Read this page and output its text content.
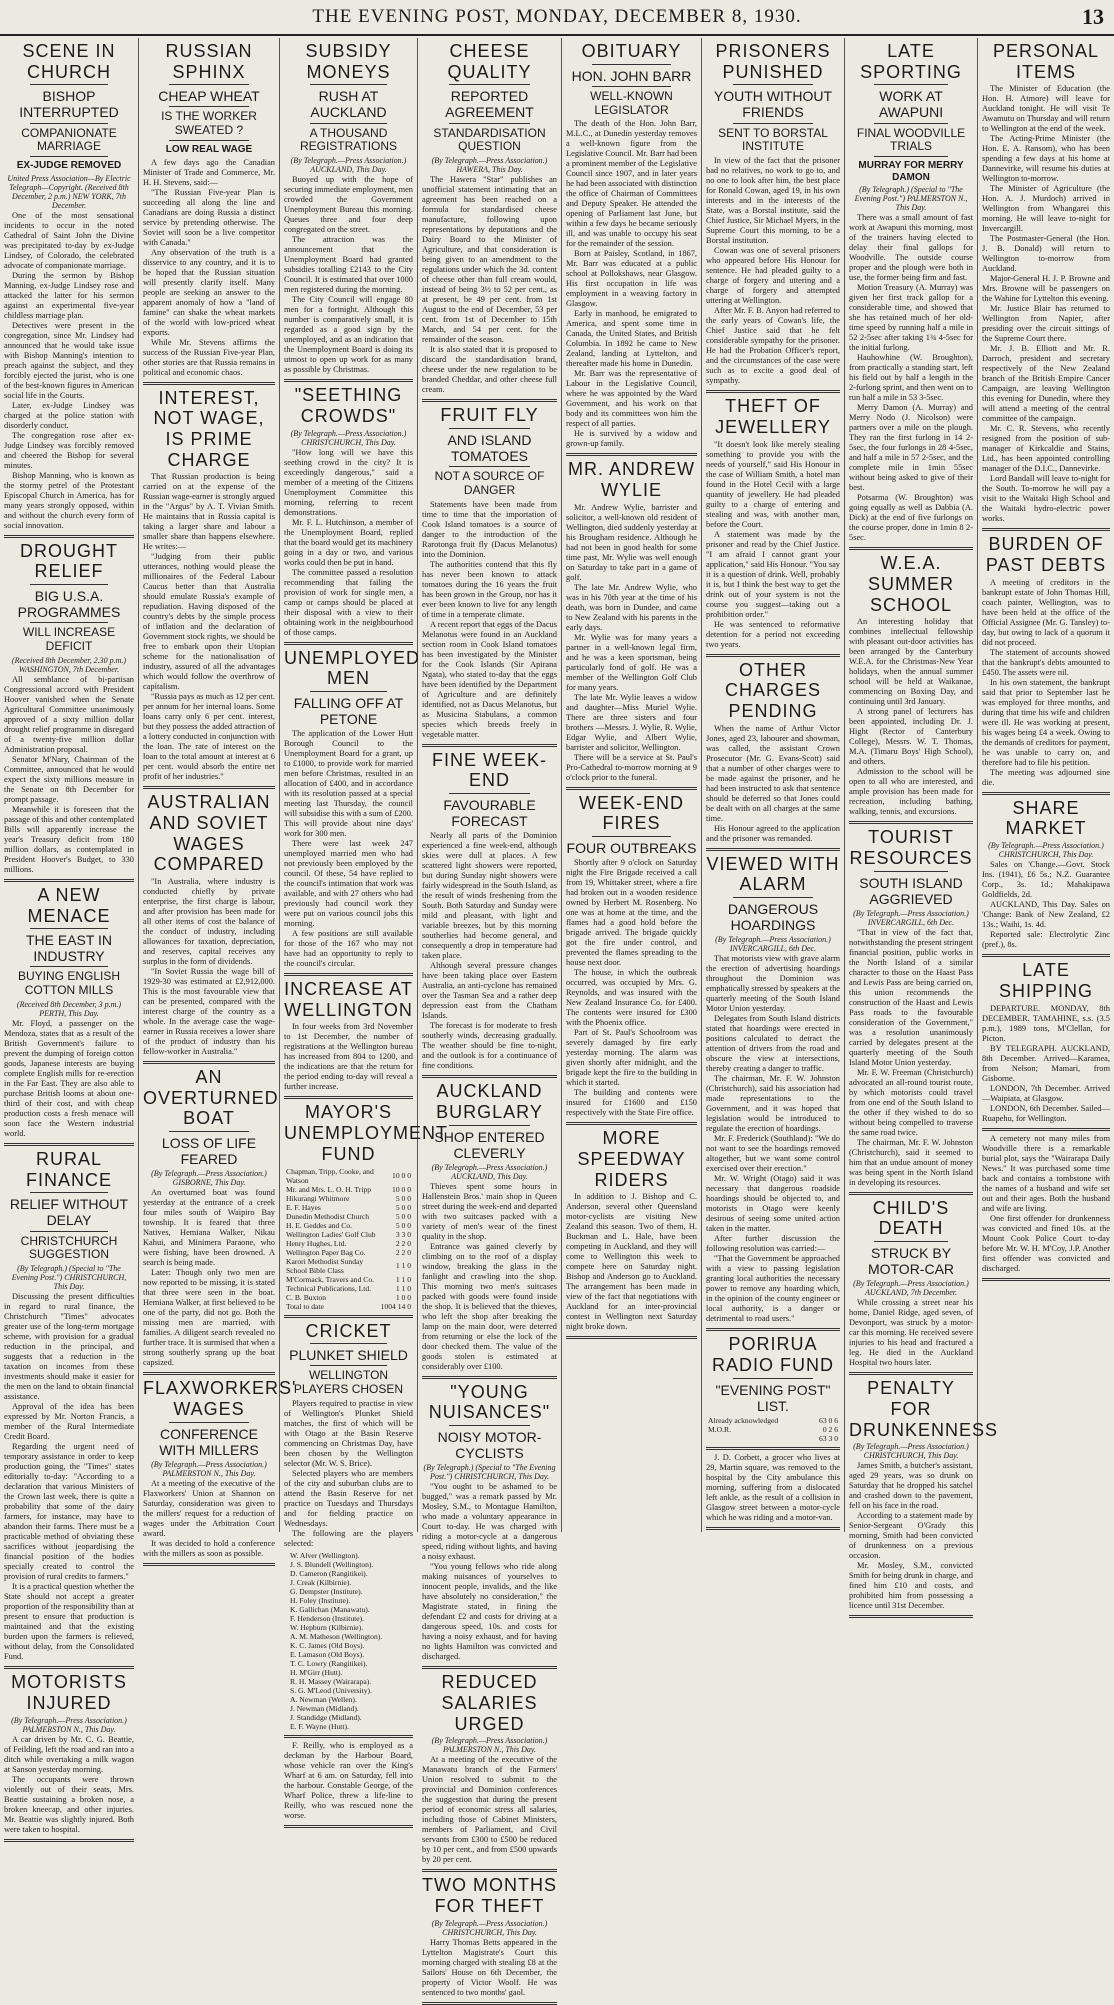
THE EVENING POST, MONDAY, DECEMBER 8, 1930.	13
SCENE IN CHURCH
BISHOP INTERRUPTED
COMPANIONATE MARRIAGE
EX-JUDGE REMOVED
United Press Association—By Electric Telegraph—Copyright. (Received 8th December, 2 p.m.) NEW YORK, 7th December.

One of the most sensational incidents to occur in the noted Cathedral of Saint John the Divine was precipitated to-day by ex-Judge Lindsey, of Colorado, the celebrated advocate of companionate marriage.

During the sermon by Bishop Manning, ex-Judge Lindsey rose and attacked the latter for his sermon against an experimental five-year childless marriage plan.

Detectives were present in the congregation, since Mr. Lindsey had announced that he would take issue with Bishop Manning's intention to preach against the subject, and they forcibly ejected the jurist, who is one of the best-known figures in American social life in the Courts.

Later, ex-Judge Lindsey was charged at the police station with disorderly conduct.

The congregation rose after ex-Judge Lindsey was forcibly removed and cheered the Bishop for several minutes.

Bishop Manning, who is known as the stormy petrel of the Protestant Episcopal Church in America, has for many years strongly opposed, within and without the church every form of social innovation.

DROUGHT RELIEF
BIG U.S.A. PROGRAMMES
WILL INCREASE DEFICIT
(Received 8th December, 2.30 p.m.) WASHINGTON, 7th December.

All semblance of bi-partisan Congressional accord with President Hoover vanished when the Senate Agricultural Committee unanimously approved of a sixty million dollar drought relief programme in disregard of a twenty-five million dollar Administration proposal.

Senator M'Nary, Chairman of the Committee, announced that he would expect the sixty millions measure in the Senate on 8th December for prompt passage.

Meanwhile it is foreseen that the passage of this and other contemplated Bills will apparently increase the year's Treasury deficit from 180 million dollars, as contemplated in President Hoover's Budget, to 330 millions.

A NEW MENACE
THE EAST IN INDUSTRY
BUYING ENGLISH COTTON MILLS
(Received 8th December, 3 p.m.) PERTH, This Day.

Mr. Floyd, a passenger on the Mendoza, states that as a result of the British Government's failure to prevent the dumping of foreign cotton goods, Japanese interests are buying complete English mills for re-erection in the Far East. They are also able to purchase British looms at about one-third of their cost, and with cheap production costs a fresh menace will soon face the Western industrial world.

RURAL FINANCE
RELIEF WITHOUT DELAY
CHRISTCHURCH SUGGESTION
(By Telegraph.) (Special to "The Evening Post.") CHRISTCHURCH, This Day.

Discussing the present difficulties in regard to rural finance, the Christchurch "Times" advocates greater use of the long-term mortgage scheme, with provision for a gradual reduction in the principal, and suggests that a reduction in the taxation on incomes from these investments should make it easier for the men on the land to obtain financial assistance.

Approval of the idea has been expressed by Mr. Norton Francis, a member of the Rural Intermediate Credit Board.

Regarding the urgent need of temporary assistance in order to keep production going, the "Times" states editorially to-day: "According to a declaration that various Ministers of the Crown last week, there is quite a probability that some of the dairy farmers, for instance, may have to abandon their farms. There must be a practicable method of obviating these sacrifices without jeopardising the financial position of the bodies specially created to control the provision of rural credits to farmers."

It is a practical question whether the State should not accept a greater proportion of the responsibility than at present to ensure that production is maintained and that the existing burden upon the farmers is relieved, without delay, from the Consolidated Fund.

MOTORISTS INJURED
(By Telegraph.—Press Association.) PALMERSTON N., This Day.

A car driven by Mr. C. G. Beattie, of Feilding, left the road and ran into a ditch while overtaking a milk wagon at Sanson yesterday morning.

The occupants were thrown violently out of their seats, Mrs. Beattie sustaining a broken nose, a broken kneecap, and other injuries. Mr. Beattie was slightly injured. Both were taken to hospital.

RUSSIAN SPHINX
CHEAP WHEAT
IS THE WORKER SWEATED ?
LOW REAL WAGE

A few days ago the Canadian Minister of Trade and Commerce, Mr. H. H. Stevens, said:—

"The Russian Five-year Plan is succeeding all along the line and Canadians are doing Russia a distinct service by pretending otherwise. The Soviet will soon be a live competitor with Canada."

Any observation of the truth is a disservice to any country, and it is to be hoped that the Russian situation will presently clarify itself. Many people are seeking an answer to the apparent anomaly of how a "land of famine" can shake the wheat markets of the world with low-priced wheat exports.

While Mr. Stevens affirms the success of the Russian Five-year Plan, other stories are that Russia remains in political and economic chaos.

INTEREST, NOT WAGE, IS PRIME CHARGE

That Russian production is being carried on at the expense of the Russian wage-earner is strongly argued in the "Argus" by A. T. Vivian Smith. He maintains that in Russia capital is taking a larger share and labour a smaller share than happens elsewhere. He writes:—

"Judging from their public utterances, nothing would please the millionaires of the Federal Labour Caucus better than that Australia should emulate Russia's example of repudiation. Having disposed of the country's debts by the simple process of inflation and the declaration of Government stock rights, we should be free to embark upon their Utopian scheme for the nationalisation of industry, assured of all the advantages which would follow the overthrow of capitalism.

"Russia pays as much as 12 per cent. per annum for her internal loans. Some loans carry only 6 per cent. interest, but they possess the added attraction of a lottery conducted in conjunction with the loan. The rate of interest on the loan to the total amount at interest at 6 per cent. would absorb the entire net profit of her industries."

AUSTRALIAN AND SOVIET WAGES COMPARED

"In Australia, where industry is conducted chiefly by private enterprise, the first charge is labour, and after provision has been made for all other items of cost the balance of the conduct of industry, including allowances for taxation, depreciation, and reserves, capital receives any surplus in the form of dividends.

"In Soviet Russia the wage bill of 1929-30 was estimated at £2,912,000. This is the most favourable view that can be presented, compared with the interest charge of the country as a whole. In the average case the wage-earner in Russia receives a lower share of the product of industry than his fellow-worker in Australia."

AN OVERTURNED BOAT
LOSS OF LIFE FEARED
(By Telegraph.—Press Association.) GISBORNE, This Day.

An overturned boat was found yesterday at the entrance of a creek four miles south of Waipiro Bay township. It is feared that three Natives, Hemiana Walker, Nikau Kahui, and Minimera Paraone, who were fishing, have been drowned. A search is being made.

Later: Though only two men are now reported to be missing, it is stated that three were seen in the boat. Hemiana Walker, at first believed to be one of the party, did not go. Both the missing men are married, with families. A diligent search revealed no further trace. It is surmised that when a strong southerly sprang up the boat capsized.

FLAXWORKERS' WAGES
CONFERENCE WITH MILLERS
(By Telegraph.—Press Association.) PALMERSTON N., This Day.

At a meeting of the executive of the Flaxworkers' Union at Shannon on Saturday, consideration was given to the millers' request for a reduction of wages under the Arbitration Court award.

It was decided to hold a conference with the millers as soon as possible.

SUBSIDY MONEYS
RUSH AT AUCKLAND
A THOUSAND REGISTRATIONS
(By Telegraph.—Press Association.) AUCKLAND, This Day.

Buoyed up with the hope of securing immediate employment, men crowded the Government Unemployment Bureau this morning. Queues three and four deep congregated on the street.

The attraction was the announcement that the Unemployment Board had granted subsidies totalling £2143 to the City Council. It is estimated that over 1000 men registered during the morning.

The City Council will engage 80 men for a fortnight. Although this number is comparatively small, it is regarded as a good sign by the unemployed, and as an indication that the Unemployment Board is doing its utmost to open up work for as many as possible by Christmas.

"SEETHING CROWDS"
(By Telegraph.—Press Association.) CHRISTCHURCH, This Day.

"How long will we have this seething crowd in the city? It is exceedingly dangerous," said a member of a meeting of the Citizens Unemployment Committee this morning, referring to recent demonstrations.

Mr. F. L. Hutchinson, a member of the Unemployment Board, replied that the board would get its machinery going in a day or two, and various works could then be put in hand.

The committee passed a resolution recommending that failing the provision of work for single men, a camp or camps should be placed at their disposal with a view to their obtaining work in the neighbourhood of those camps.

UNEMPLOYED MEN
FALLING OFF AT PETONE

The application of the Lower Hutt Borough Council to the Unemployment Board for a grant, up to £1000, to provide work for married men before Christmas, resulted in an allocation of £400, and in accordance with its resolution passed at a special meeting last Thursday, the council will subsidise this with a sum of £200. This will provide about nine days' work for 300 men.

There were last week 247 unemployed married men who had not previously been employed by the council. Of these, 54 have replied to the council's intimation that work was available, and with 27 others who had previously had council work they were put on various council jobs this morning.

A few positions are still available for those of the 167 who may not have had an opportunity to reply to the council's circular.

INCREASE AT WELLINGTON

In four weeks from 3rd November to 1st December, the number of registrations at the Wellington bureau has increased from 804 to 1200, and the indications are that the return for the period ending to-day will reveal a further increase.

MAYOR'S UNEMPLOYMENT FUND
Chapman, Tripp, Cooke, and Watson	10 0 0
Mr. and Mrs. L. O. H. Tripp	10 0 0
Hikurangi Whitmore	5 0 0
E. F. Hayes	5 0 0
Dunedin Methodist Church	5 0 0
H. E. Geddes and Co.	5 0 0
Wellington Ladies' Golf Club	3 3 0
Henry Hughes, Ltd.	2 2 0
Wellington Paper Bag Co.	2 2 0
Karori Methodist Sunday School Bible Class	1 1 0
M'Cormack, Travers and Co.	1 1 0
Technical Publications, Ltd.	1 1 0
C. B. Buxton	1 0 0
Total to date	1004 14 0
CRICKET
PLUNKET SHIELD
WELLINGTON PLAYERS CHOSEN

Players required to practise in view of Wellington's Plunket Shield matches, the first of which will be with Otago at the Basin Reserve commencing on Christmas Day, have been chosen by the Wellington selector (Mr. W. S. Brice).

Selected players who are members of the city and suburban clubs are to attend the Basin Reserve for net practice on Tuesdays and Thursdays and for fielding practice on Wednesdays.

The following are the players selected:

W. Alver (Wellington).
J. S. Blundell (Wellington).
D. Cameron (Rangitikei).
J. Creak (Kilbirnie).
G. Dempster (Institute).
H. Foley (Institute).
K. Gallichan (Manawatu).
F. Henderson (Institute).
W. Hepburn (Kilbirnie).
A. M. Matheson (Wellington).
K. C. James (Old Boys).
E. Lamason (Old Boys).
T. C. Lowry (Rangitikei).
H. M'Girr (Hutt).
R. H. Massey (Wairarapa).
S. G. M'Leod (University).
A. Newman (Wellen).
J. Newman (Midland).
J. Standidge (Midland).
E. F. Wayne (Hutt).

F. Reilly, who is employed as a deckman by the Harbour Board, whose vehicle ran over the King's Wharf at 6 am. on Saturday, fell into the harbour. Constable George, of the Wharf Police, threw a life-line to Reilly, who was rescued none the worse.

CHEESE QUALITY
REPORTED AGREEMENT
STANDARDISATION QUESTION
(By Telegraph.—Press Association.) HAWERA, This Day.

The Hawera "Star" publishes an unofficial statement intimating that an agreement has been reached on a formula for standardised cheese manufacture, following upon representations by deputations and the Dairy Board to the Minister of Agriculture, and that consideration is being given to an amendment to the regulations under which the 3d. content of cheese other than full cream would, instead of being 3½ to 52 per cent., as at present, be 49 per cent. from 1st August to the end of December, 53 per cent. from 1st of December to 15th March, and 54 per cent. for the remainder of the season.

It is also stated that it is proposed to discard the standardisation brand, cheese under the new regulation to be branded Cheddar, and other cheese full cream.

FRUIT FLY
AND ISLAND TOMATOES
NOT A SOURCE OF DANGER

Statements have been made from time to time that the importation of Cook Island tomatoes is a source of danger to the introduction of the Rarotonga fruit fly (Dacus Melanotus) into the Dominion.

The authorities contend that this fly has never been known to attack tomatoes during the 16 years the fruit has been grown in the Group, nor has it ever been known to live for any length of time in a temperate climate.

A recent report that eggs of the Dacus Melanotus were found in an Auckland section room in Cook Island tomatoes has been investigated by the Minister for the Cook Islands (Sir Apirana Ngata), who stated to-day that the eggs have been identified by the Department of Agriculture and are definitely identified, not as Dacus Melanotus, but as Musicina Stabulans, a common species which breeds freely in vegetable matter.

FINE WEEK-END
FAVOURABLE FORECAST

Nearly all parts of the Dominion experienced a fine week-end, although skies were dull at places. A few scattered light showers were reported, but during Sunday night showers were fairly widespread in the South Island, as the result of winds freshening from the South. Both Saturday and Sunday were mild and pleasant, with light and variable breezes, but by this morning southerlies had become general, and consequently a drop in temperature had taken place.

Although several pressure changes have been taking place over Eastern Australia, an anti-cyclone has remained over the Tasman Sea and a rather deep depression east from the Chatham Islands.

The forecast is for moderate to fresh southerly winds, decreasing gradually. The weather should be fine to-night, and the outlook is for a continuance of fine conditions.

AUCKLAND BURGLARY
SHOP ENTERED CLEVERLY
(By Telegraph.—Press Association.) AUCKLAND, This Day.

Thieves spent some hours in Hallenstein Bros.' main shop in Queen street during the week-end and departed with two suitcases packed with a variety of men's wear of the finest quality in the shop.

Entrance was gained cleverly by climbing on to the roof of a display window, breaking the glass in the fanlight and crawling into the shop. This morning two men's suitcases packed with goods were found inside the shop. It is believed that the thieves, who left the shop after breaking the lamp on the main door, were deterred from returning or else the lock of the door checked them. The value of the goods stolen is estimated at considerably over £100.

"YOUNG NUISANCES"
NOISY MOTOR-CYCLISTS
(By Telegraph.) (Special to "The Evening Post.") CHRISTCHURCH, This Day.

"You ought to be ashamed to be bugged," was a remark passed by Mr. Mosley, S.M., to Montague Hamilton, who made a voluntary appearance in Court to-day. He was charged with riding a motor-cycle at a dangerous speed, riding without lights, and having a noisy exhaust.

"You young fellows who ride along making nuisances of yourselves to innocent people, invalids, and the like have absolutely no consideration," the Magistrate stated, in fining the defendant £2 and costs for driving at a dangerous speed, 10s. and costs for having a noisy exhaust, and for having no lights Hamilton was convicted and discharged.

REDUCED SALARIES URGED
(By Telegraph.—Press Association.) PALMERSTON N., This Day.

At a meeting of the executive of the Manawatu branch of the Farmers' Union resolved to submit to the provincial and Dominion conferences the suggestion that during the present period of economic stress all salaries, including those of Cabinet Ministers, members of Parliament, and Civil servants from £300 to £500 be reduced by 10 per cent., and from £500 upwards by 20 per cent.

TWO MONTHS FOR THEFT
(By Telegraph.—Press Association.) CHRISTCHURCH, This Day.

Harry Thomas Betts appeared in the Lyttelton Magistrate's Court this morning charged with stealing £8 at the Sailors' House on 6th December, the property of Victor Woolf. He was sentenced to two months' gaol.

OBITUARY
HON. JOHN BARR
WELL-KNOWN LEGISLATOR

The death of the Hon. John Barr, M.L.C., at Dunedin yesterday removes a well-known figure from the Legislative Council. Mr. Barr had been a prominent member of the Legislative Council since 1907, and in later years he had been associated with distinction the office of Chairman of Committees and Deputy Speaker. He attended the opening of Parliament last June, but within a few days he became seriously ill, and was unable to occupy his seat for the remainder of the session.

Born at Paisley, Scotland, in 1867, Mr. Barr was educated at a public school at Pollokshaws, near Glasgow. His first occupation in life was employment in a weaving factory in Glasgow.

Early in manhood, he emigrated to America, and spent some time in Canada, the United States, and British Columbia. In 1892 he came to New Zealand, landing at Lyttelton, and thereafter made his home in Dunedin.

Mr. Barr was the representative of Labour in the Legislative Council, where he was appointed by the Ward Government, and his work on that body and its committees won him the respect of all parties.

He is survived by a widow and grown-up family.

MR. ANDREW WYLIE

Mr. Andrew Wylie, barrister and solicitor, a well-known old resident of Wellington, died suddenly yesterday at his Brougham residence. Although he had not been in good health for some time past, Mr. Wylie was well enough on Saturday to take part in a game of golf.

The late Mr. Andrew Wylie, who was in his 70th year at the time of his death, was born in Dundee, and came to New Zealand with his parents in the early days.

Mr. Wylie was for many years a partner in a well-known legal firm, and he was a keen sportsman, being particularly fond of golf. He was a member of the Wellington Golf Club for many years.

The late Mr. Wylie leaves a widow and daughter—Miss Muriel Wylie. There are three sisters and four brothers —Messrs. J. Wylie, R. Wylie, Edgar Wylie, and Albert Wylie, barrister and solicitor, Wellington.

There will be a service at St. Paul's Pro-Cathedral to-morrow morning at 9 o'clock prior to the funeral.

WEEK-END FIRES
FOUR OUTBREAKS

Shortly after 9 o'clock on Saturday night the Fire Brigade received a call from 19, Whittaker street, where a fire had broken out in a wooden residence owned by Herbert M. Rosenberg. No one was at home at the time, and the flames had a good hold before the brigade arrived. The brigade quickly got the fire under control, and prevented the flames spreading to the house next door.

The house, in which the outbreak occurred, was occupied by Mrs. G. Reynolds, and was insured with the New Zealand Insurance Co. for £400. The contents were insured for £300 with the Phoenix office.

Part of St. Paul's Schoolroom was severely damaged by fire early yesterday morning. The alarm was given shortly after midnight, and the brigade kept the fire to the building in which it started.

The building and contents were insured for £1600 and £150 respectively with the State Fire office.

MORE SPEEDWAY RIDERS

In addition to J. Bishop and C. Anderson, several other Queensland motor-cyclists are visiting New Zealand this season. Two of them, H. Buckman and L. Hale, have been competing in Auckland, and they will come to Wellington this week to compete here on Saturday night. Bishop and Anderson go to Auckland. The arrangement has been made in view of the fact that negotiations with Auckland for an inter-provincial contest in Wellington next Saturday night broke down.

PRISONERS PUNISHED
YOUTH WITHOUT FRIENDS
SENT TO BORSTAL INSTITUTE

In view of the fact that the prisoner had no relatives, no work to go to, and no one to look after him, the best place for Ronald Cowan, aged 19, in his own interests and in the interests of the State, was a Borstal institute, said the Chief Justice, Sir Michael Myers, in the Supreme Court this morning, to be a Borstal institution.

Cowan was one of several prisoners who appeared before His Honour for sentence. He had pleaded guilty to a charge of forgery and uttering and a charge of forgery and attempted uttering at Wellington.

After Mr. F. B. Anyon had referred to the early years of Cowan's life, the Chief Justice said that he felt considerable sympathy for the prisoner. He had the Probation Officer's report, and the circumstances of the case were such as to excite a good deal of sympathy.

THEFT OF JEWELLERY

"It doesn't look like merely stealing something to provide you with the needs of yourself," said His Honour in the case of William Smith, a hotel man found in the Hotel Cecil with a large quantity of jewellery. He had pleaded guilty to a charge of entering and stealing and was, with another man, before the Court.

A statement was made by the prisoner and read by the Chief Justice. "I am afraid I cannot grant your application," said His Honour. "You say it is a question of drink. Well, probably it is, but I think the best way to get the drink out of your system is not the course you suggest—taking out a prohibition order."

He was sentenced to reformative detention for a period not exceeding two years.

OTHER CHARGES PENDING

When the name of Arthur Victor Jones, aged 23, labourer and showman, was called, the assistant Crown Prosecutor (Mr. G. Evans-Scott) said that a number of other charges were to be made against the prisoner, and he had been instructed to ask that sentence should be deferred so that Jones could be dealt with on all charges at the same time.

His Honour agreed to the application and the prisoner was remanded.

VIEWED WITH ALARM
DANGEROUS HOARDINGS
(By Telegraph.—Press Association.) INVERCARGILL, 6th Dec.

That motorists view with grave alarm the erection of advertising hoardings throughout the Dominion was emphatically stressed by speakers at the quarterly meeting of the South Island Motor Union yesterday.

Delegates from South Island districts stated that hoardings were erected in positions calculated to detract the attention of drivers from the road and obscure the view at intersections, thereby creating a danger to traffic.

The chairman, Mr. F. W. Johnston (Christchurch), said his association had made representations to the Government, and it was hoped that legislation would be introduced to regulate the erection of hoardings.

Mr. F. Frederick (Southland): "We do not want to see the hoardings removed altogether, but we want some control exercised over their erection."

Mr. W. Wright (Otago) said it was necessary that dangerous roadside hoardings should be objected to, and motorists in Otago were keenly desirous of seeing some united action taken in the matter.

After further discussion the following resolution was carried:—

"That the Government be approached with a view to passing legislation granting local authorities the necessary power to remove any hoarding which, in the opinion of the county engineer or local authority, is a danger or detrimental to road users."

PORIRUA RADIO FUND
"EVENING POST" LIST.
Already acknowledged	63 0 6
M.O.R.	0 2 6
	63 3 0

J. D. Corbett, a grocer who lives at 29, Martin square, was removed to the hospital by the City ambulance this morning, suffering from a dislocated left ankle, as the result of a collision in Glasgow street between a motor-cycle which he was riding and a motor-van.

LATE SPORTING
WORK AT AWAPUNI
FINAL WOODVILLE TRIALS
MURRAY FOR MERRY DAMON
(By Telegraph.) (Special to "The Evening Post.") PALMERSTON N., This Day.

There was a small amount of fast work at Awapuni this morning, most of the trainers having elected to delay their final gallops for Woodville. The outside course proper and the plough were both in use, the former being firm and fast.

Motion Treasury (A. Murray) was given her first track gallop for a considerable time, and showed that she has retained much of her old-time speed by running half a mile in 52 2-5sec after taking 1¾ 4-5sec for the initial furlong.

Hauhowhine (W. Broughton), from practically a standing start, left his field out by half a length in the 2-furlong sprint, and then went on to run half a mile in 53 3-5sec.

Merry Damon (A. Murray) and Merry Nodo (J. Nicolson) were partners over a mile on the plough. They ran the first furlong in 14 2-5sec, the four furlongs in 28 4-5sec, and half a mile in 57 2-5sec, and the complete mile in 1min 55sec without being asked to give of their best.

Potsarma (W. Broughton) was going equally as well as Dabbia (A. Dick) at the end of five furlongs on the course proper, done in 1min 8 2-5sec.

W.E.A. SUMMER SCHOOL

An interesting holiday that combines intellectual fellowship with pleasant out-door activities has been arranged by the Canterbury W.E.A. for the Christmas-New Year holidays, when the annual summer school will be held at Waikanae, commencing on Boxing Day, and continuing until 3rd January.

A strong panel of lecturers has been appointed, including Dr. J. Hight (Rector of Canterbury College), Messrs. W. T. Thomas, M.A. (Timaru Boys' High School), and others.

Admission to the school will be open to all who are interested, and ample provision has been made for recreation, including bathing, walking, tennis, and excursions.

TOURIST RESOURCES
SOUTH ISLAND AGGRIEVED
(By Telegraph.—Press Association.) INVERCARGILL, 6th Dec.

"That in view of the fact that, notwithstanding the present stringent financial position, public works in the North Island of a similar character to those on the Haast Pass and Lewis Pass are being carried on, this union recommends the construction of the Haast and Lewis Pass roads to the favourable consideration of the Government," was a resolution unanimously carried by delegates present at the quarterly meeting of the South Island Motor Union yesterday.

Mr. F. W. Freeman (Christchurch) advocated an all-round tourist route, by which motorists could travel from one end of the South Island to the other if they wished to do so without being compelled to traverse the same road twice.

The chairman, Mr. F. W. Johnston (Christchurch), said it seemed to him that an undue amount of money was being spent in the North Island in developing its resources.

CHILD'S DEATH
STRUCK BY MOTOR-CAR
(By Telegraph.—Press Association.) AUCKLAND, 7th December.

While crossing a street near his home, Daniel Ridge, aged seven, of Devonport, was struck by a motor-car this morning. He received severe injuries to his head and fractured a leg. He died in the Auckland Hospital two hours later.

PENALTY FOR DRUNKENNESS
(By Telegraph.—Press Association.) CHRISTCHURCH, This Day.

James Smith, a butcher's assistant, aged 29 years, was so drunk on Saturday that he dropped his satchel and crashed down to the pavement, fell on his face in the road.

According to a statement made by Senior-Sergeant O'Grady this morning, Smith had been convicted of drunkenness on a previous occasion.

Mr. Mosley, S.M., convicted Smith for being drunk in charge, and fined him £10 and costs, and prohibited him from possessing a licence until 31st December.

PERSONAL ITEMS

The Minister of Education (the Hon. H. Atmore) will leave for Auckland tonight. He will visit Te Awamutu on Thursday and will return to Wellington at the end of the week.

The Acting-Prime Minister (the Hon. E. A. Ransom), who has been spending a few days at his home at Dannevirke, will resume his duties at Wellington to-morrow.

The Minister of Agriculture (the Hon. A. J. Murdoch) arrived in Wellington from Whangarei this morning. He will leave to-night for Invercargill.

The Postmaster-General (the Hon. J. B. Donald) will return to Wellington to-morrow from Auckland.

Major-General H. J. P. Browne and Mrs. Browne will be passengers on the Wahine for Lyttelton this evening.

Mr. Justice Blair has returned to Wellington from Napier, after presiding over the circuit sittings of the Supreme Court there.

Mr. J. B. Elliott and Mr. R. Darroch, president and secretary respectively of the New Zealand branch of the British Empire Cancer Campaign, are leaving Wellington this evening for Dunedin, where they will attend a meeting of the central committee of the campaign.

Mr. C. R. Stevens, who recently resigned from the position of sub-manager of Kirkcaldie and Stains, Ltd., has been appointed controlling manager of the D.I.C., Dannevirke.

Lord Bandall will leave to-night for the South. To-morrow he will pay a visit to the Waitaki High School and the Waitaki hydro-electric power works.

BURDEN OF PAST DEBTS

A meeting of creditors in the bankrupt estate of John Thomas Hill, coach painter, Wellington, was to have been held at the office of the Official Assignee (Mr. G. Tansley) to-day, but owing to lack of a quorum it did not proceed.

The statement of accounts showed that the bankrupt's debts amounted to £450. The assets were nil.

In his own statement, the bankrupt said that prior to September last he was employed for three months, and during that time his wife and children were ill. He was working at present, his wages being £4 a week. Owing to the demands of creditors for payment, he was unable to carry on, and therefore had to file his petition.

The meeting was adjourned sine die.

SHARE MARKET
(By Telegraph.—Press Association.) CHRISTCHURCH, This Day.

Sales on 'Change.—Govt. Stock Ins. (1941), £6 5s.; N.Z. Guarantee Corp., 3s. 1d.; Mahakipawa Goldfields, 2d.

AUCKLAND, This Day. Sales on 'Change: Bank of New Zealand, £2 13s.; Waihi, 1s. 4d.

Reported sale: Electrolytic Zinc (pref.), 8s.

LATE SHIPPING

DEPARTURE. MONDAY, 8th DECEMBER. TAMAHINE, s.s. (3.5 p.m.), 1989 tons, M'Clellan, for Picton.

BY TELEGRAPH. AUCKLAND, 8th December. Arrived—Karamea, from Nelson; Mamari, from Gisborne.

LONDON, 7th December. Arrived—Waipiata, at Glasgow.

LONDON, 6th December. Sailed—Ruapehu, for Wellington.

A cemetery not many miles from Woodville there is a remarkable burial plot, says the "Wairarapa Daily News." It was purchased some time back and contains a tombstone with the names of a husband and wife set out and their ages. Both the husband and wife are living.

One first offender for drunkenness was convicted and fined 10s. at the Mount Cook Police Court to-day before Mr. W. H. M'Coy, J.P. Another first offender was convicted and discharged.
